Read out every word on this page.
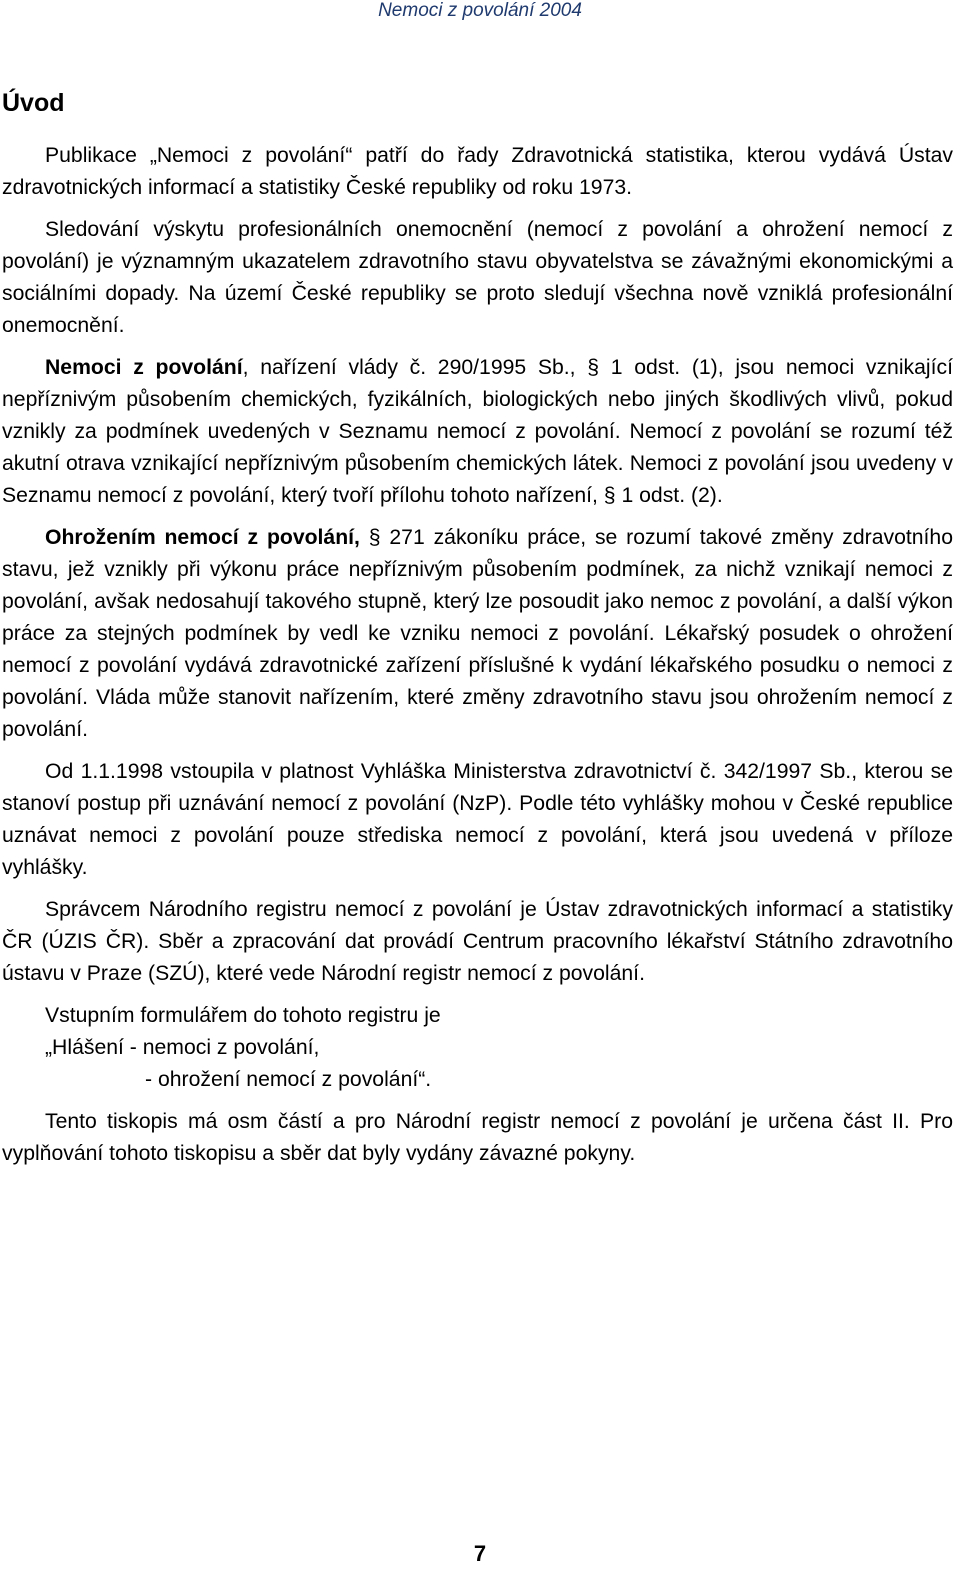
Nemoci z povolání 2004
Úvod

Publikace „Nemoci z povolání“ patří do řady Zdravotnická statistika, kterou vydává Ústav zdravotnických informací a statistiky České republiky od roku 1973.

Sledování výskytu profesionálních onemocnění (nemocí z povolání a ohrožení nemocí z povolání) je významným ukazatelem zdravotního stavu obyvatelstva se závažnými ekonomickými a sociálními dopady. Na území České republiky se proto sledují všechna nově vzniklá profesionální onemocnění.

Nemoci z povolání, nařízení vlády č. 290/1995 Sb., § 1 odst. (1), jsou nemoci vznikající nepříznivým působením chemických, fyzikálních, biologických nebo jiných škodlivých vlivů, pokud vznikly za podmínek uvedených v Seznamu nemocí z povolání. Nemocí z povolání se rozumí též akutní otrava vznikající nepříznivým působením chemických látek. Nemoci z povolání jsou uvedeny v Seznamu nemocí z povolání, který tvoří přílohu tohoto nařízení, § 1 odst. (2).

Ohrožením nemocí z povolání, § 271 zákoníku práce, se rozumí takové změny zdravotního stavu, jež vznikly při výkonu práce nepříznivým působením podmínek, za nichž vznikají nemoci z povolání, avšak nedosahují takového stupně, který lze posoudit jako nemoc z povolání, a další výkon práce za stejných podmínek by vedl ke vzniku nemoci z povolání. Lékařský posudek o ohrožení nemocí z povolání vydává zdravotnické zařízení příslušné k vydání lékařského posudku o nemoci z povolání. Vláda může stanovit nařízením, které změny zdravotního stavu jsou ohrožením nemocí z povolání.

Od 1.1.1998 vstoupila v platnost Vyhláška Ministerstva zdravotnictví č. 342/1997 Sb., kterou se stanoví postup při uznávání nemocí z povolání (NzP). Podle této vyhlášky mohou v České republice uznávat nemoci z povolání pouze střediska nemocí z povolání, která jsou uvedená v příloze vyhlášky.

Správcem Národního registru nemocí z povolání je Ústav zdravotnických informací a statistiky ČR (ÚZIS ČR). Sběr a zpracování dat provádí Centrum pracovního lékařství Státního zdravotního ústavu v Praze (SZÚ), které vede Národní registr nemocí z povolání.

Vstupním formulářem do tohoto registru je

„Hlášení - nemoci z povolání,

- ohrožení nemocí z povolání“.

Tento tiskopis má osm částí a pro Národní registr nemocí z povolání je určena část II. Pro vyplňování tohoto tiskopisu a sběr dat byly vydány závazné pokyny.

7
